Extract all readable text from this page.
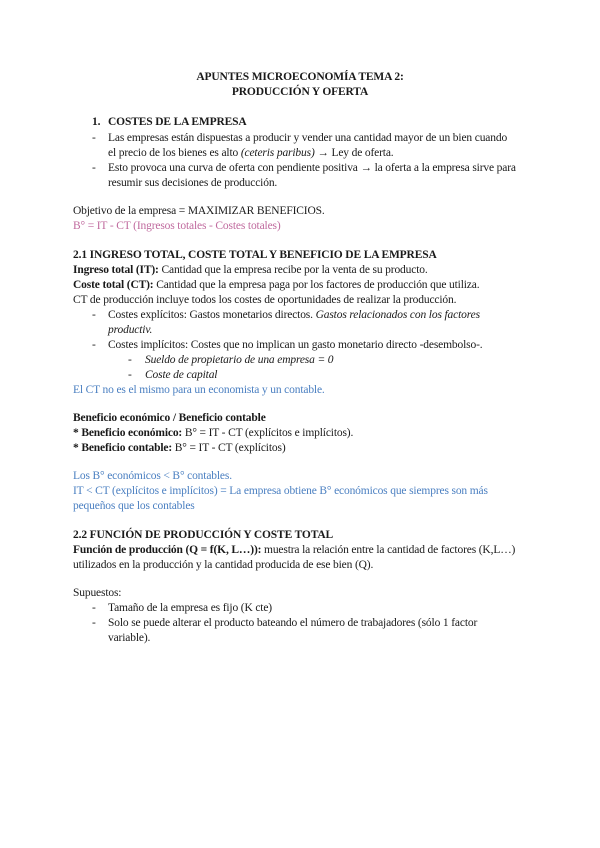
APUNTES MICROECONOMÍA TEMA 2:
PRODUCCIÓN Y OFERTA
1. COSTES DE LA EMPRESA
- Las empresas están dispuestas a producir y vender una cantidad mayor de un bien cuando
el precio de los bienes es alto (ceteris paribus) → Ley de oferta.
- Esto provoca una curva de oferta con pendiente positiva → la oferta a la empresa sirve para
resumir sus decisiones de producción.
Objetivo de la empresa = MAXIMIZAR BENEFICIOS.
B° = IT - CT (Ingresos totales - Costes totales)
2.1 INGRESO TOTAL, COSTE TOTAL Y BENEFICIO DE LA EMPRESA
Ingreso total (IT): Cantidad que la empresa recibe por la venta de su producto.
Coste total (CT): Cantidad que la empresa paga por los factores de producción que utiliza.
CT de producción incluye todos los costes de oportunidades de realizar la producción.
- Costes explícitos: Gastos monetarios directos. Gastos relacionados con los factores
productiv.
- Costes implícitos: Costes que no implican un gasto monetario directo -desembolso-.
- Sueldo de propietario de una empresa = 0
- Coste de capital
El CT no es el mismo para un economista y un contable.
Beneficio económico / Beneficio contable
* Beneficio económico: B° = IT - CT (explícitos e implícitos).
* Beneficio contable: B° = IT - CT (explícitos)
Los B° económicos < B° contables.
IT < CT (explícitos e implícitos) = La empresa obtiene B° económicos que siempres son más
pequeños que los contables
2.2 FUNCIÓN DE PRODUCCIÓN Y COSTE TOTAL
Función de producción (Q = f(K, L…)): muestra la relación entre la cantidad de factores (K,L…)
utilizados en la producción y la cantidad producida de ese bien (Q).
Supuestos:
- Tamaño de la empresa es fijo (K cte)
- Solo se puede alterar el producto bateando el número de trabajadores (sólo 1 factor
variable).
